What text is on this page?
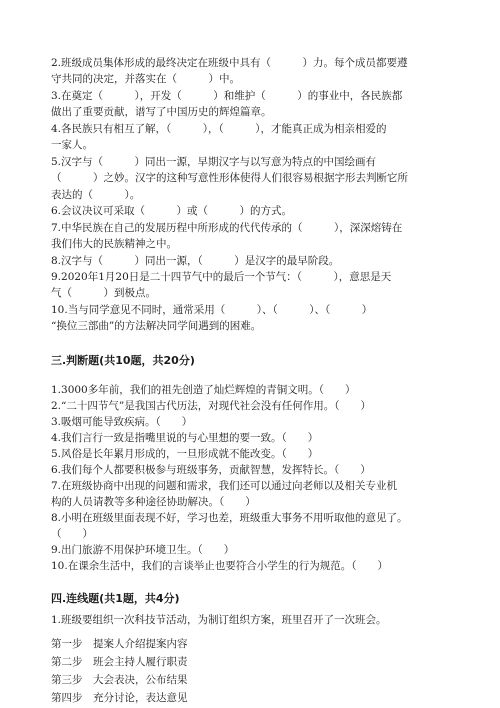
2.班级成员集体形成的最终决定在班级中具有（　　　）力。每个成员都要遵
守共同的决定，并落实在（　　　）中。
3.在奠定（　　　），开发（　　　）和维护（　　　）的事业中，各民族都
做出了重要贡献，谱写了中国历史的辉煌篇章。
4.各民族只有相互了解，（　　　），（　　　），才能真正成为相亲相爱的
一家人。
5.汉字与（　　　）同出一源，早期汉字与以写意为特点的中国绘画有
（　　　）之妙。汉字的这种写意性形体使得人们很容易根据字形去判断它所
表达的（　　　）。
6.会议决议可采取（　　　）或（　　　）的方式。
7.中华民族在自己的发展历程中所形成的代代传承的（　　　），深深熔铸在
我们伟大的民族精神之中。
8.汉字与（　　　）同出一源，（　　　）是汉字的最早阶段。
9.2020年1月20日是二十四节气中的最后一个节气：（　　　），意思是天
气（　　　）到极点。
10.当与同学意见不同时，通常采用（　　　）、（　　　）、（　　　）
“换位三部曲”的方法解决同学间遇到的困难。
三.判断题(共10题，共20分)
1.3000多年前，我们的祖先创造了灿烂辉煌的青铜文明。（　　）
2.“二十四节气”是我国古代历法，对现代社会没有任何作用。（　　）
3.吸烟可能导致疾病。（　　）
4.我们言行一致是指嘴里说的与心里想的要一致。（　　）
5.风俗是长年累月形成的，一旦形成就不能改变。（　　）
6.我们每个人都要积极参与班级事务，贡献智慧，发挥特长。（　　）
7.在班级协商中出现的问题和需求，我们还可以通过向老师以及相关专业机
构的人员请教等多种途径协助解决。（　　）
8.小明在班级里面表现不好，学习也差，班级重大事务不用听取他的意见了。
（　　）
9.出门旅游不用保护环境卫生。（　　）
10.在课余生活中，我们的言谈举止也要符合小学生的行为规范。（　　）
四.连线题(共1题，共4分)
1.班级要组织一次科技节活动，为制订组织方案，班里召开了一次班会。
第一步　提案人介绍提案内容
第二步　班会主持人履行职责
第三步　大会表决，公布结果
第四步　充分讨论，表达意见
